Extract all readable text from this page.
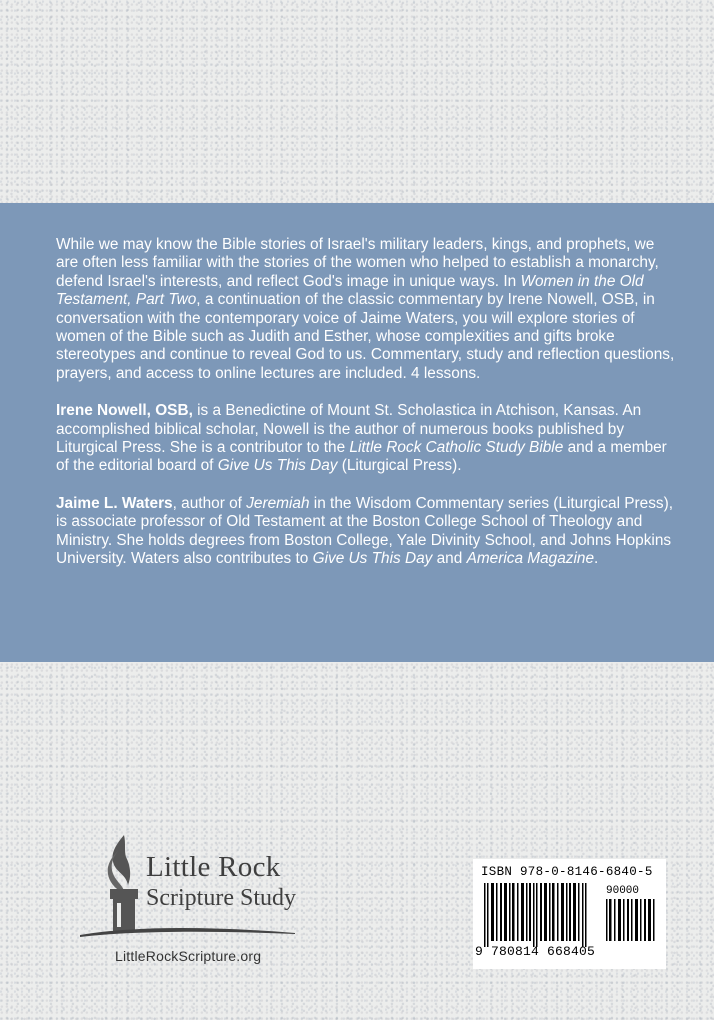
While we may know the Bible stories of Israel's military leaders, kings, and prophets, we are often less familiar with the stories of the women who helped to establish a monarchy, defend Israel's interests, and reflect God's image in unique ways. In Women in the Old Testament, Part Two, a continuation of the classic commentary by Irene Nowell, OSB, in conversation with the contemporary voice of Jaime Waters, you will explore stories of women of the Bible such as Judith and Esther, whose complexities and gifts broke stereotypes and continue to reveal God to us. Commentary, study and reflection questions, prayers, and access to online lectures are included. 4 lessons.

Irene Nowell, OSB, is a Benedictine of Mount St. Scholastica in Atchison, Kansas. An accomplished biblical scholar, Nowell is the author of numerous books published by Liturgical Press. She is a contributor to the Little Rock Catholic Study Bible and a member of the editorial board of Give Us This Day (Liturgical Press).

Jaime L. Waters, author of Jeremiah in the Wisdom Commentary series (Liturgical Press), is associate professor of Old Testament at the Boston College School of Theology and Ministry. She holds degrees from Boston College, Yale Divinity School, and Johns Hopkins University. Waters also contributes to Give Us This Day and America Magazine.

Little Rock
Scripture Study
LittleRockScripture.org
ISBN 978-0-8146-6840-5
90000
9 780814 668405
